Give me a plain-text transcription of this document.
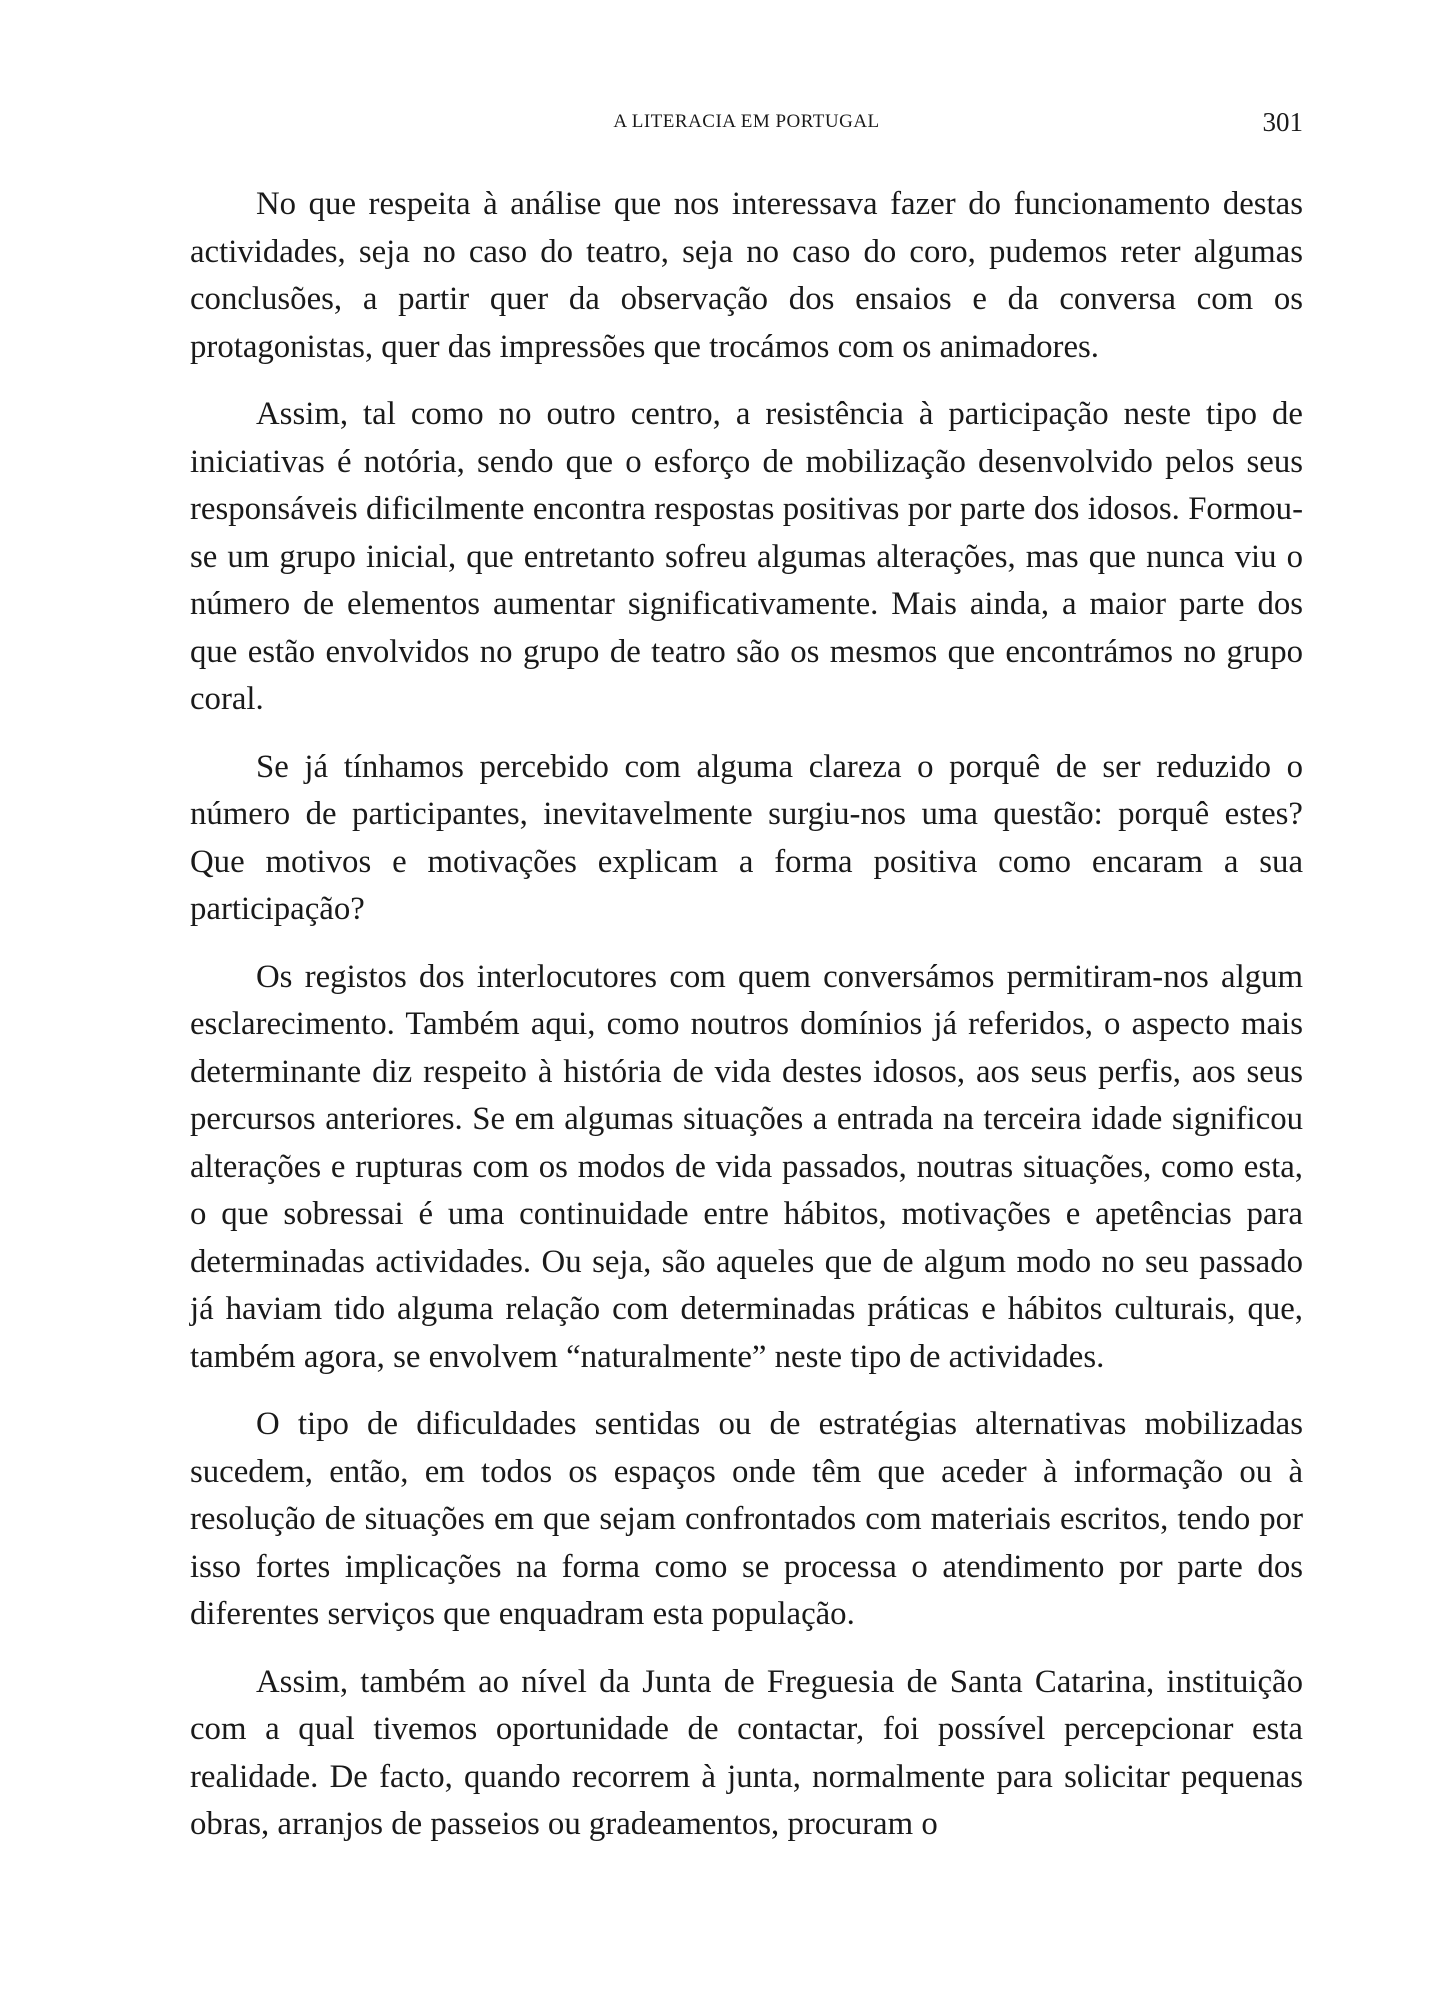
A LITERACIA EM PORTUGAL	301

No que respeita à análise que nos interessava fazer do funcionamento destas actividades, seja no caso do teatro, seja no caso do coro, pudemos reter algumas conclusões, a partir quer da observação dos ensaios e da conversa com os protagonistas, quer das impressões que trocámos com os animadores.

Assim, tal como no outro centro, a resistência à participação neste tipo de iniciativas é notória, sendo que o esforço de mobilização desenvolvido pelos seus responsáveis dificilmente encontra respostas positivas por parte dos idosos. Formou-se um grupo inicial, que entretanto sofreu algumas alterações, mas que nunca viu o número de elementos aumentar significativamente. Mais ainda, a maior parte dos que estão envolvidos no grupo de teatro são os mesmos que encontrámos no grupo coral.

Se já tínhamos percebido com alguma clareza o porquê de ser reduzido o número de participantes, inevitavelmente surgiu-nos uma questão: porquê estes? Que motivos e motivações explicam a forma positiva como encaram a sua participação?

Os registos dos interlocutores com quem conversámos permitiram-nos algum esclarecimento. Também aqui, como noutros domínios já referidos, o aspecto mais determinante diz respeito à história de vida destes idosos, aos seus perfis, aos seus percursos anteriores. Se em algumas situações a entrada na terceira idade significou alterações e rupturas com os modos de vida passados, noutras situações, como esta, o que sobressai é uma continuidade entre hábitos, motivações e apetências para determinadas actividades. Ou seja, são aqueles que de algum modo no seu passado já haviam tido alguma relação com determinadas práticas e hábitos culturais, que, também agora, se envolvem “naturalmente” neste tipo de actividades.

O tipo de dificuldades sentidas ou de estratégias alternativas mobilizadas sucedem, então, em todos os espaços onde têm que aceder à informação ou à resolução de situações em que sejam confrontados com materiais escritos, tendo por isso fortes implicações na forma como se processa o atendimento por parte dos diferentes serviços que enquadram esta população.

Assim, também ao nível da Junta de Freguesia de Santa Catarina, instituição com a qual tivemos oportunidade de contactar, foi possível percepcionar esta realidade. De facto, quando recorrem à junta, normalmente para solicitar pequenas obras, arranjos de passeios ou gradeamentos, procuram o
